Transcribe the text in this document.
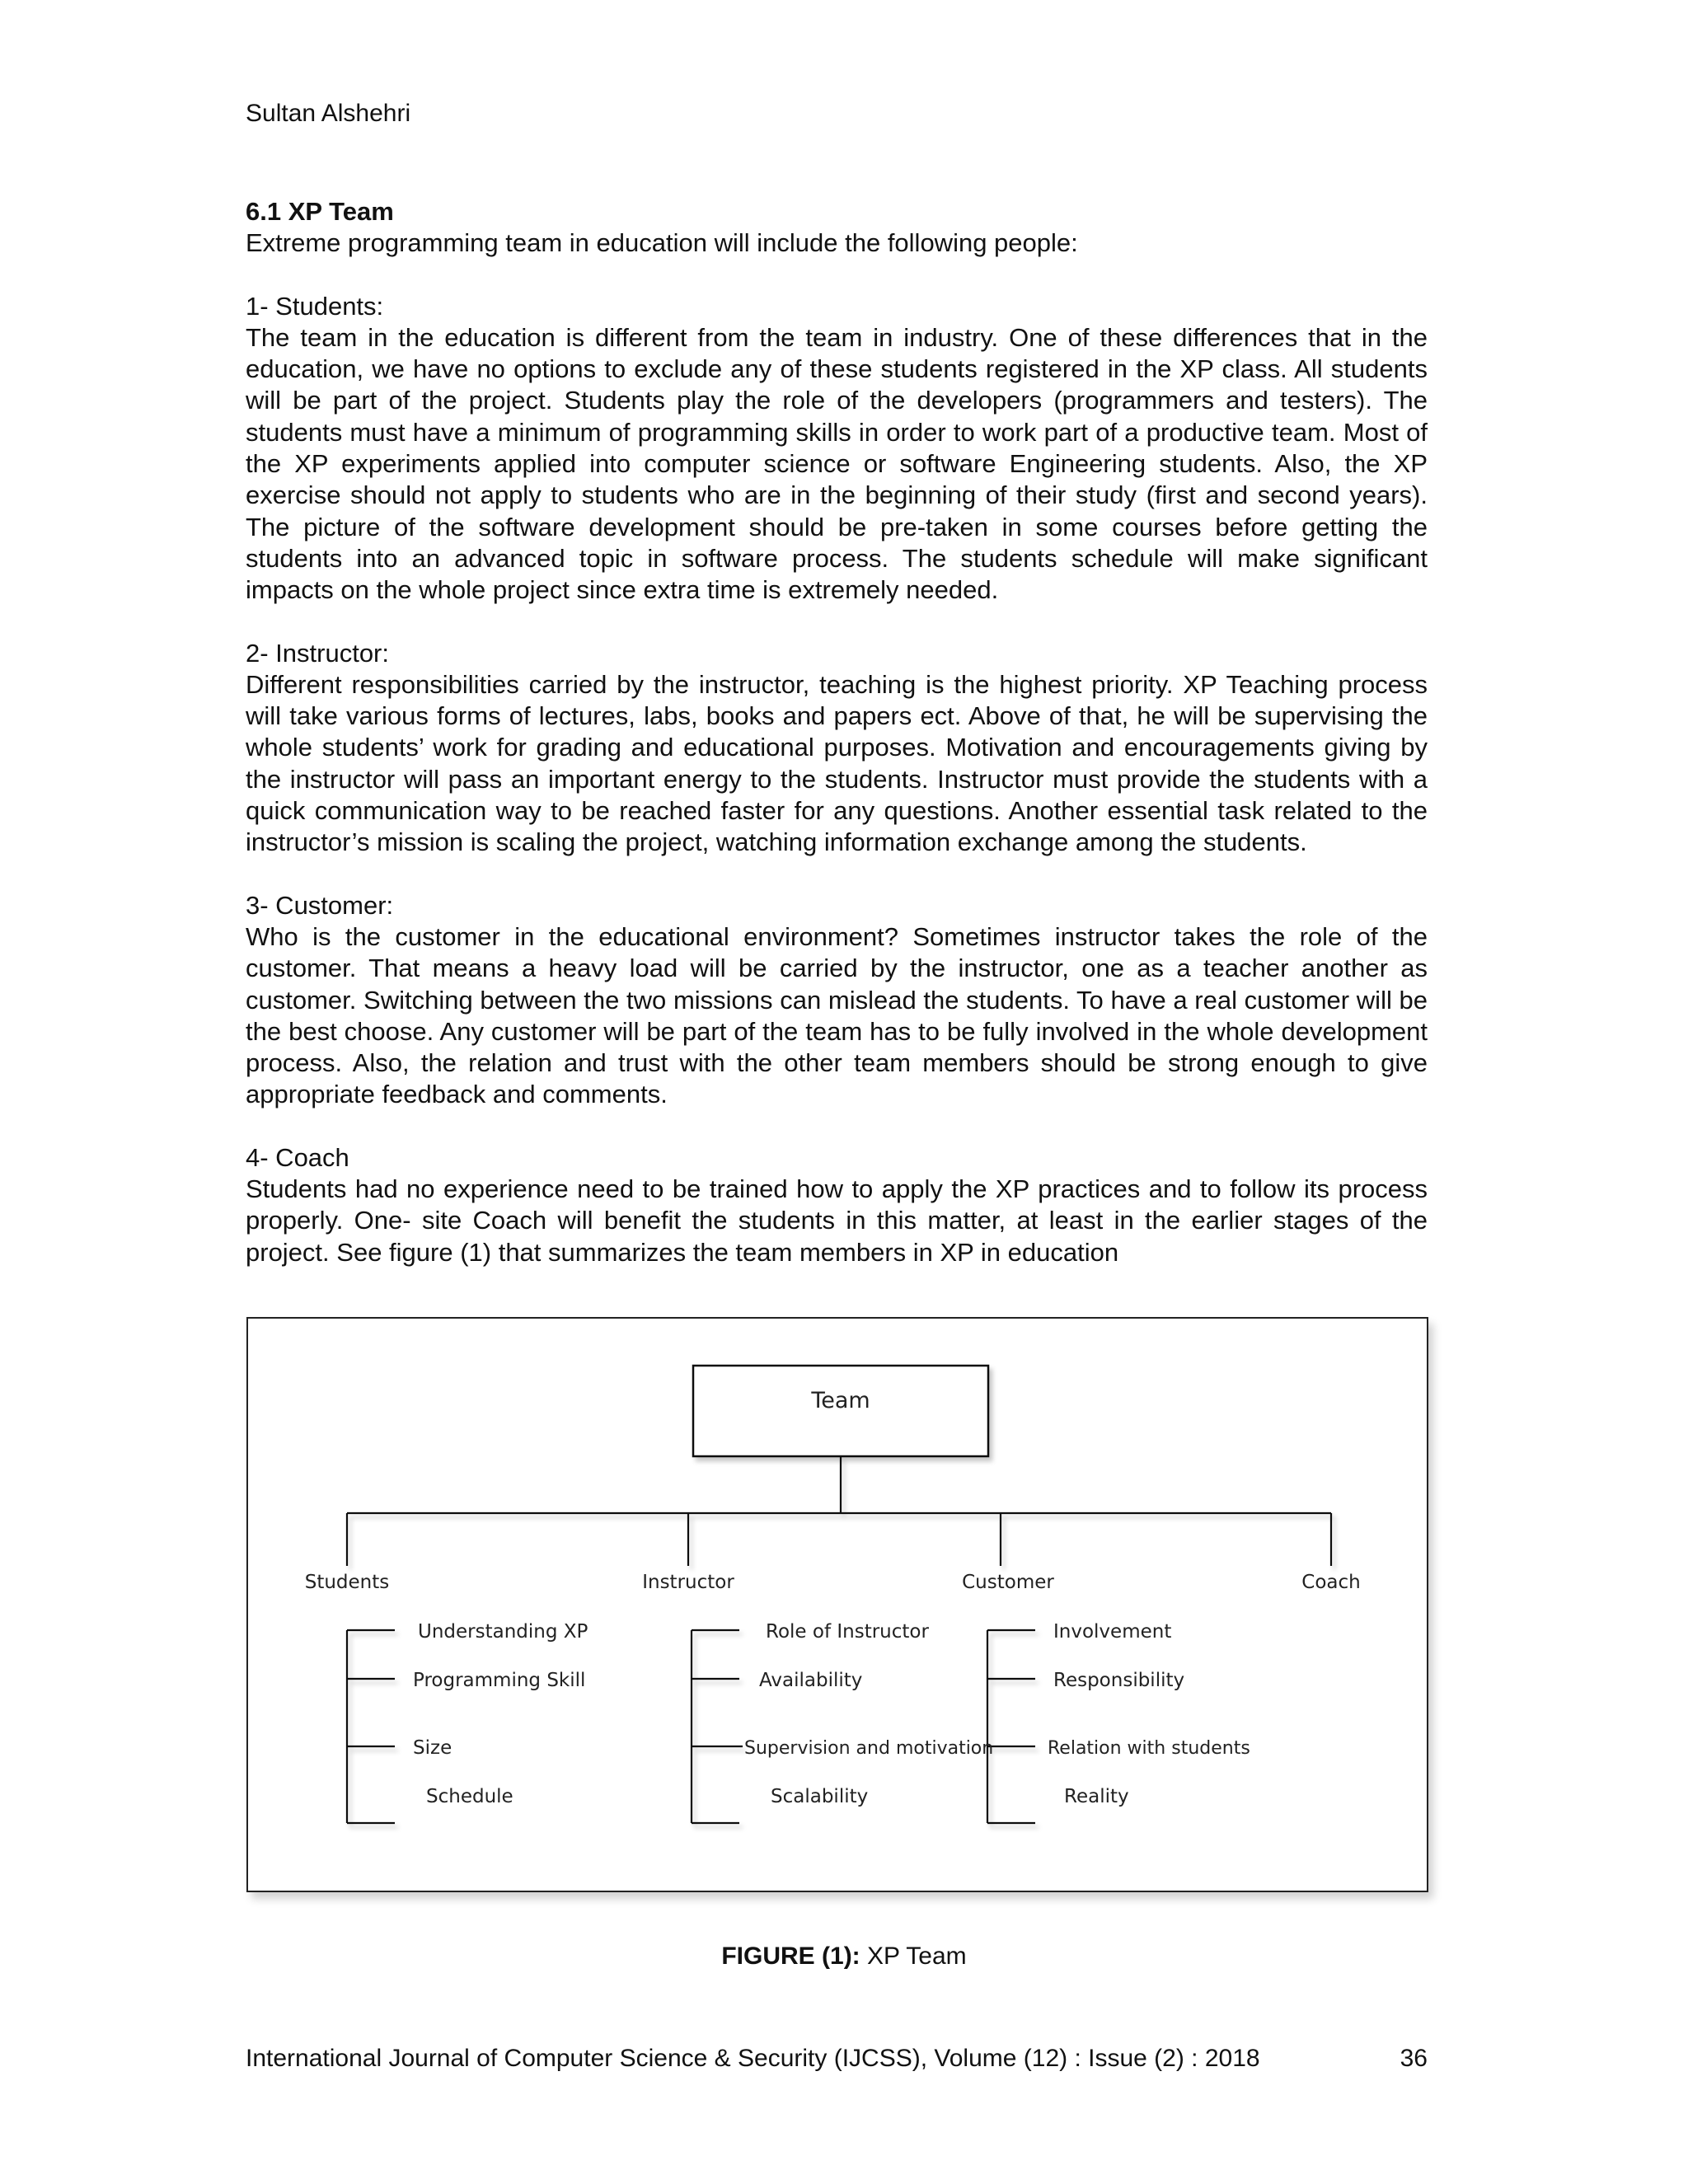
Sultan Alshehri

6.1 XP Team

Extreme programming team in education will include the following people:

1- Students:

The team in the education is different from the team in industry. One of these differences that in the education, we have no options to exclude any of these students registered in the XP class. All students will be part of the project. Students play the role of the developers (programmers and testers). The students must have a minimum of programming skills in order to work part of a productive team. Most of the XP experiments applied into computer science or software Engineering students. Also, the XP exercise should not apply to students who are in the beginning of their study (first and second years). The picture of the software development should be pre-taken in some courses before getting the students into an advanced topic in software process. The students schedule will make significant impacts on the whole project since extra time is extremely needed.

2- Instructor:

Different responsibilities carried by the instructor, teaching is the highest priority. XP Teaching process will take various forms of lectures, labs, books and papers ect. Above of that, he will be supervising the whole students’ work for grading and educational purposes. Motivation and encouragements giving by the instructor will pass an important energy to the students. Instructor must provide the students with a quick communication way to be reached faster for any questions. Another essential task related to the instructor’s mission is scaling the project, watching information exchange among the students.

3- Customer:

Who is the customer in the educational environment? Sometimes instructor takes the role of the customer. That means a heavy load will be carried by the instructor, one as a teacher another as customer. Switching between the two missions can mislead the students. To have a real customer will be the best choose. Any customer will be part of the team has to be fully involved in the whole development process. Also, the relation and trust with the other team members should be strong enough to give appropriate feedback and comments.

4- Coach

Students had no experience need to be trained how to apply the XP practices and to follow its process properly. One- site Coach will benefit the students in this matter, at least in the earlier stages of the project. See figure (1) that summarizes the team members in XP in education

Team
Students	Instructor	Customer	Coach
Understanding XP
Programming Skill
Size
Schedule
Role of Instructor
Availability
Supervision and motivation
Scalability
Involvement
Responsibility
Relation with students
Reality
FIGURE (1): XP Team
International Journal of Computer Science & Security (IJCSS), Volume (12) : Issue (2) : 2018	36
